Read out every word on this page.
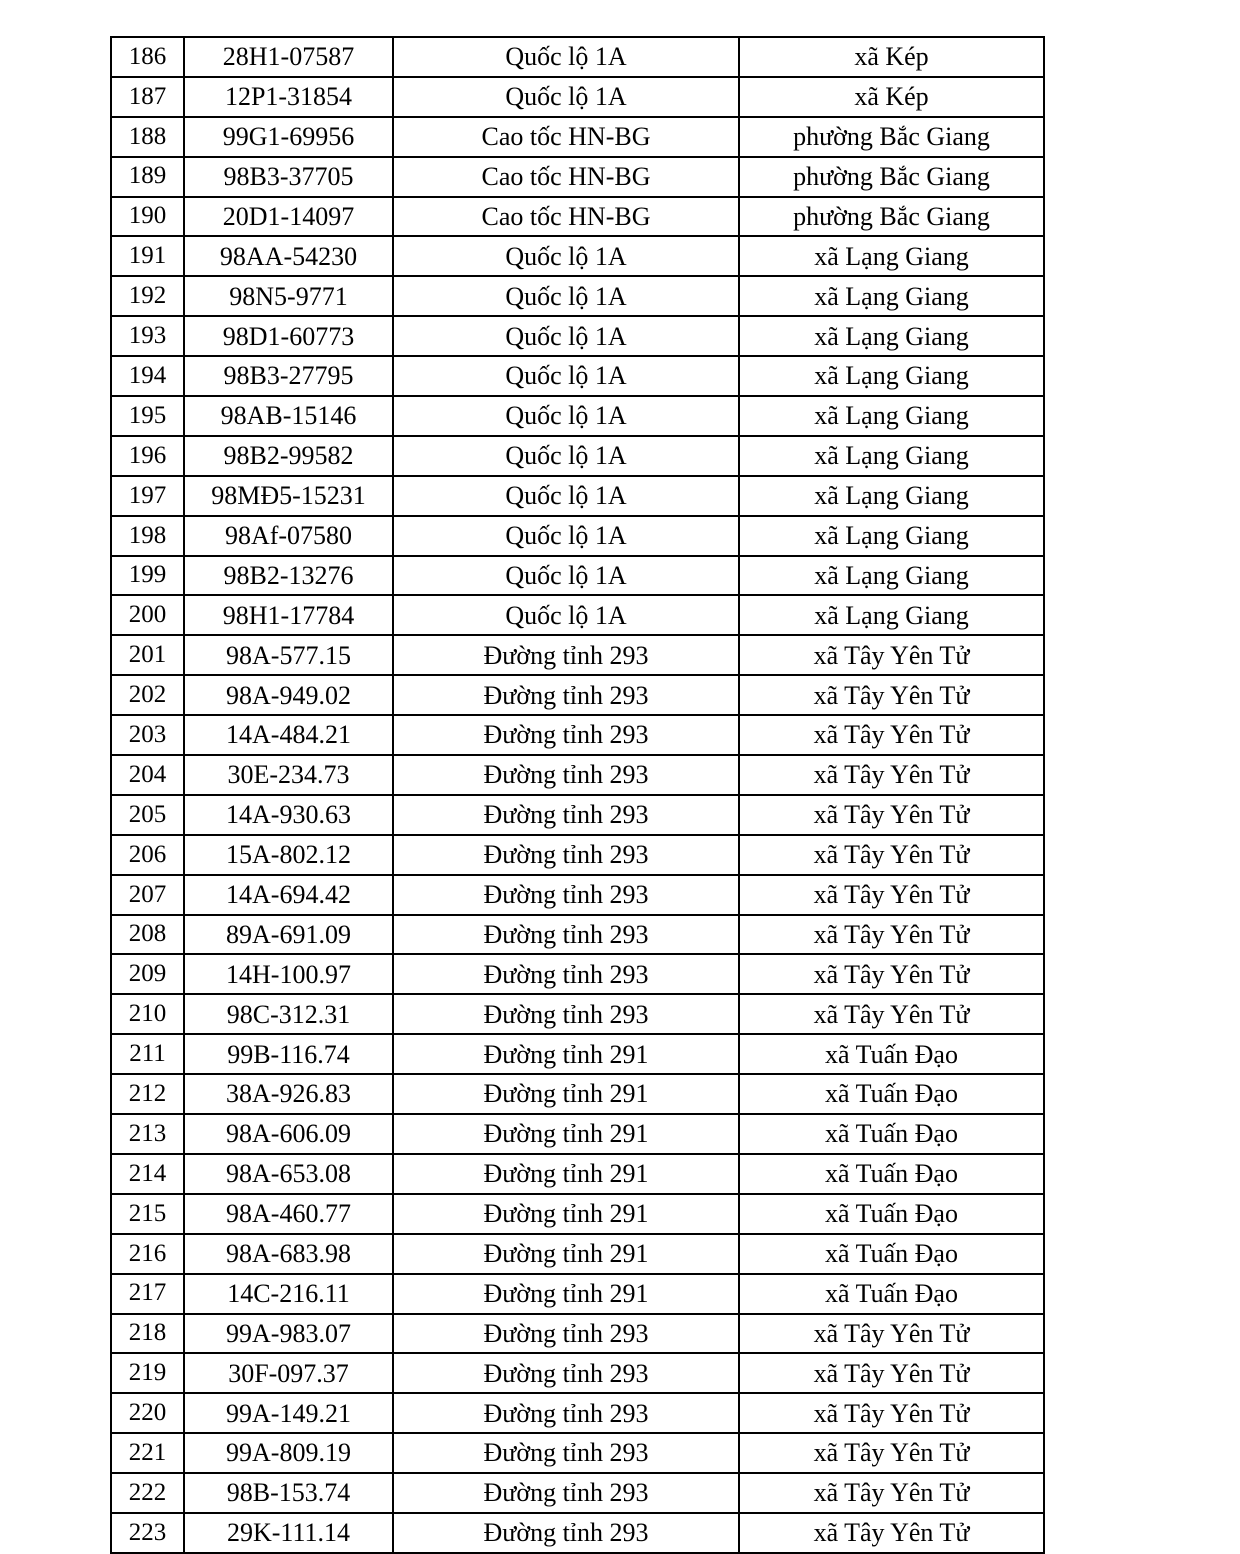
186	28H1-07587	Quốc lộ 1A	xã Kép
187	12P1-31854	Quốc lộ 1A	xã Kép
188	99G1-69956	Cao tốc HN-BG	phường Bắc Giang
189	98B3-37705	Cao tốc HN-BG	phường Bắc Giang
190	20D1-14097	Cao tốc HN-BG	phường Bắc Giang
191	98AA-54230	Quốc lộ 1A	xã Lạng Giang
192	98N5-9771	Quốc lộ 1A	xã Lạng Giang
193	98D1-60773	Quốc lộ 1A	xã Lạng Giang
194	98B3-27795	Quốc lộ 1A	xã Lạng Giang
195	98AB-15146	Quốc lộ 1A	xã Lạng Giang
196	98B2-99582	Quốc lộ 1A	xã Lạng Giang
197	98MĐ5-15231	Quốc lộ 1A	xã Lạng Giang
198	98Af-07580	Quốc lộ 1A	xã Lạng Giang
199	98B2-13276	Quốc lộ 1A	xã Lạng Giang
200	98H1-17784	Quốc lộ 1A	xã Lạng Giang
201	98A-577.15	Đường tỉnh 293	xã Tây Yên Tử
202	98A-949.02	Đường tỉnh 293	xã Tây Yên Tử
203	14A-484.21	Đường tỉnh 293	xã Tây Yên Tử
204	30E-234.73	Đường tỉnh 293	xã Tây Yên Tử
205	14A-930.63	Đường tỉnh 293	xã Tây Yên Tử
206	15A-802.12	Đường tỉnh 293	xã Tây Yên Tử
207	14A-694.42	Đường tỉnh 293	xã Tây Yên Tử
208	89A-691.09	Đường tỉnh 293	xã Tây Yên Tử
209	14H-100.97	Đường tỉnh 293	xã Tây Yên Tử
210	98C-312.31	Đường tỉnh 293	xã Tây Yên Tử
211	99B-116.74	Đường tỉnh 291	xã Tuấn Đạo
212	38A-926.83	Đường tỉnh 291	xã Tuấn Đạo
213	98A-606.09	Đường tỉnh 291	xã Tuấn Đạo
214	98A-653.08	Đường tỉnh 291	xã Tuấn Đạo
215	98A-460.77	Đường tỉnh 291	xã Tuấn Đạo
216	98A-683.98	Đường tỉnh 291	xã Tuấn Đạo
217	14C-216.11	Đường tỉnh 291	xã Tuấn Đạo
218	99A-983.07	Đường tỉnh 293	xã Tây Yên Tử
219	30F-097.37	Đường tỉnh 293	xã Tây Yên Tử
220	99A-149.21	Đường tỉnh 293	xã Tây Yên Tử
221	99A-809.19	Đường tỉnh 293	xã Tây Yên Tử
222	98B-153.74	Đường tỉnh 293	xã Tây Yên Tử
223	29K-111.14	Đường tỉnh 293	xã Tây Yên Tử
